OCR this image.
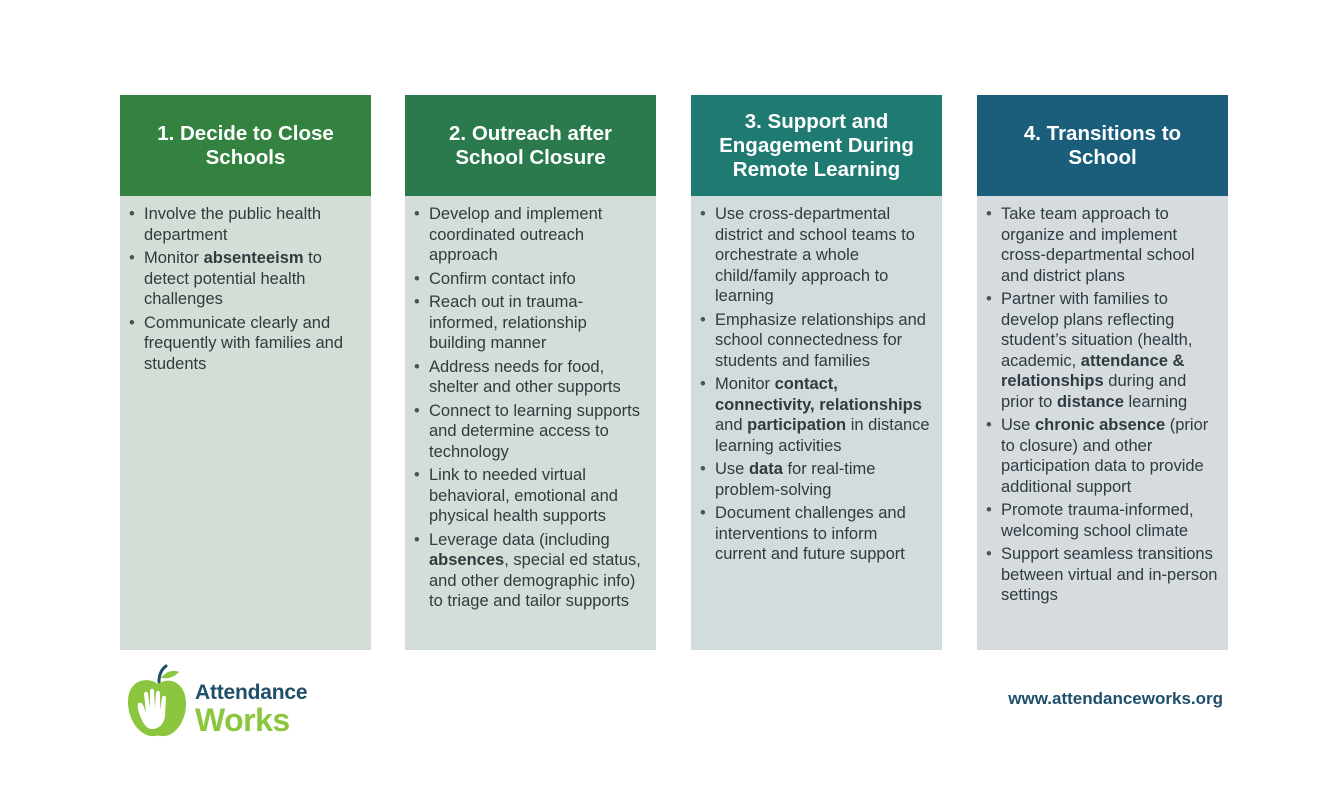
1. Decide to Close Schools
• Involve the public health department
• Monitor absenteeism to detect potential health challenges
• Communicate clearly and frequently with families and students
2. Outreach after School Closure
• Develop and implement coordinated outreach approach
• Confirm contact info
• Reach out in trauma-informed, relationship building manner
• Address needs for food, shelter and other supports
• Connect to learning supports and determine access to technology
• Link to needed virtual behavioral, emotional and physical health supports
• Leverage data (including absences, special ed status, and other demographic info) to triage and tailor supports
3. Support and Engagement During Remote Learning
• Use cross-departmental district and school teams to orchestrate a whole child/family approach to learning
• Emphasize relationships and school connectedness for students and families
• Monitor contact, connectivity, relationships and participation in distance learning activities
• Use data for real-time problem-solving
• Document challenges and interventions to inform current and future support
4. Transitions to School
• Take team approach to organize and implement cross-departmental school and district plans
• Partner with families to develop plans reflecting student’s situation (health, academic, attendance & relationships during and prior to distance learning
• Use chronic absence (prior to closure) and other participation data to provide additional support
• Promote trauma-informed, welcoming school climate
• Support seamless transitions between virtual and in-person settings
Attendance
Works
www.attendanceworks.org
